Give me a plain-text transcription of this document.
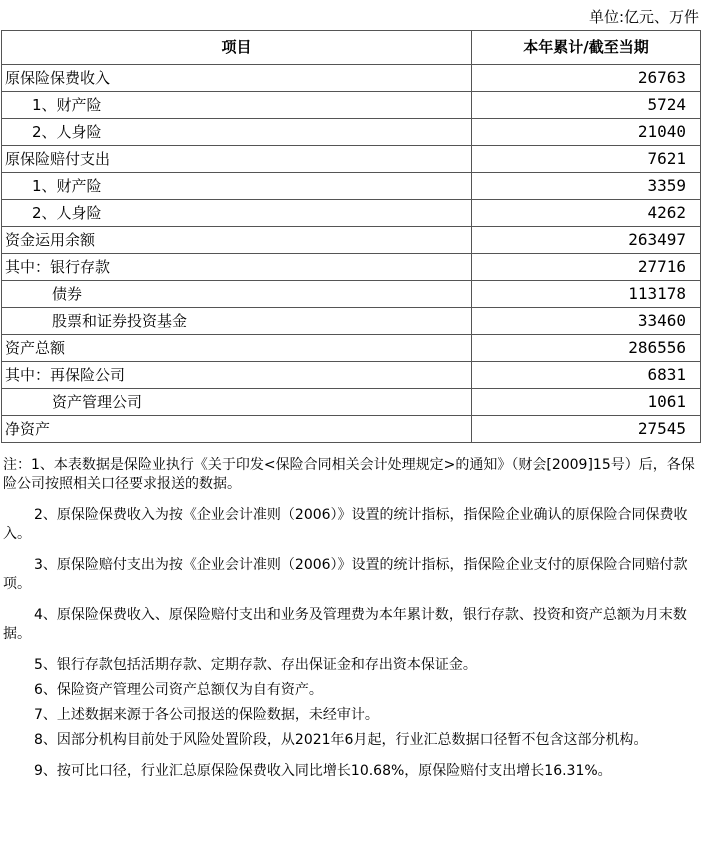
单位:亿元、万件
项目	本年累计/截至当期
原保险保费收入	26763
1、财产险	5724
2、人身险	21040
原保险赔付支出	7621
1、财产险	3359
2、人身险	4262
资金运用余额	263497
其中：银行存款	27716
债券	113178
股票和证券投资基金	33460
资产总额	286556
其中：再保险公司	6831
资产管理公司	1061
净资产	27545

注：1、本表数据是保险业执行《关于印发<保险合同相关会计处理规定>的通知》（财会[2009]15号）后，各保险公司按照相关口径要求报送的数据。

2、原保险保费收入为按《企业会计准则（2006）》设置的统计指标，指保险企业确认的原保险合同保费收入。

3、原保险赔付支出为按《企业会计准则（2006）》设置的统计指标，指保险企业支付的原保险合同赔付款项。

4、原保险保费收入、原保险赔付支出和业务及管理费为本年累计数，银行存款、投资和资产总额为月末数据。

5、银行存款包括活期存款、定期存款、存出保证金和存出资本保证金。

6、保险资产管理公司资产总额仅为自有资产。

7、上述数据来源于各公司报送的保险数据，未经审计。

8、因部分机构目前处于风险处置阶段，从2021年6月起，行业汇总数据口径暂不包含这部分机构。

9、按可比口径，行业汇总原保险保费收入同比增长10.68%，原保险赔付支出增长16.31%。
